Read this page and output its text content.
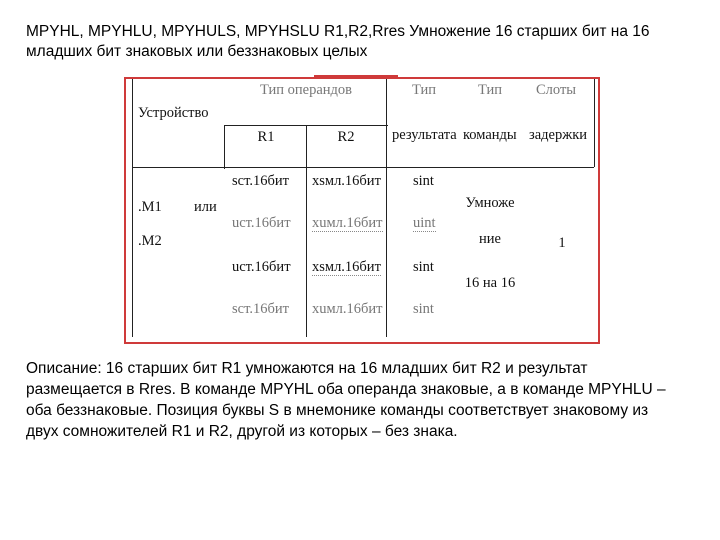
MPYHL, MPYHLU, MPYHULS, MPYHSLU R1,R2,Rres Умножение 16 старших бит на 16
младших бит знаковых или беззнаковых целых
Устройство
Тип операндов
R1	R2
Тип
результата
Тип
команды
Слоты
задержки
.M1 или
.M2
sст.16бит xsмл.16бит sint
uст.16бит xuмл.16бит uint
uст.16бит xsмл.16бит sint
sст.16бит xuмл.16бит sint
Умноже
ние
16 на 16
1
Описание: 16 старших бит R1 умножаются на 16 младших бит R2 и результат
размещается в Rres. В команде MPYHL оба операнда знаковые, а в команде MPYHLU –
оба беззнаковые. Позиция буквы S в мнемонике команды соответствует знаковому из
двух сомножителей R1 и R2, другой из которых – без знака.
